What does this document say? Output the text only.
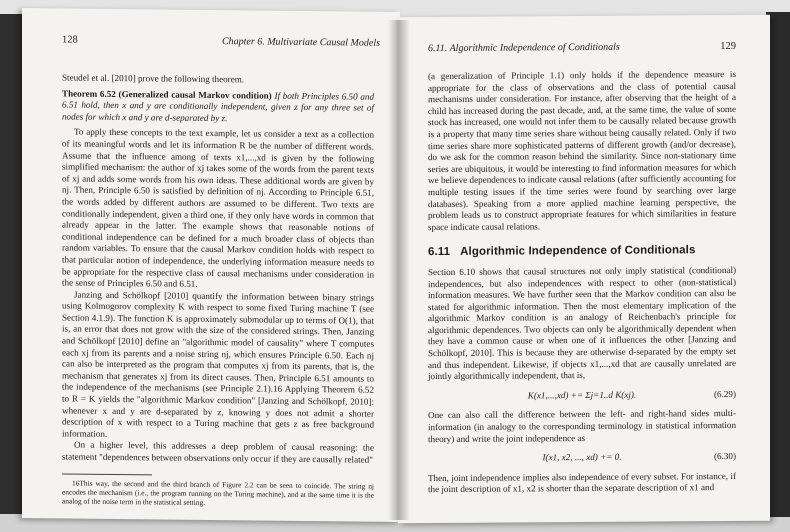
128	Chapter 6. Multivariate Causal Models

Steudel et al. [2010] prove the following theorem.

Theorem 6.52 (Generalized causal Markov condition) If both Principles 6.50 and 6.51 hold, then x and y are conditionally independent, given z for any three set of nodes for which x and y are d-separated by z.

To apply these concepts to the text example, let us consider a text as a collection of its meaningful words and let its information R be the number of different words. Assume that the influence among of texts x1,...,xd is given by the following simplified mechanism: the author of xj takes some of the words from the parent texts of xj and adds some words from his own ideas. These additional words are given by nj. Then, Principle 6.50 is satisfied by definition of nj. According to Principle 6.51, the words added by different authors are assumed to be different. Two texts are conditionally independent, given a third one, if they only have words in common that already appear in the latter. The example shows that reasonable notions of conditional independence can be defined for a much broader class of objects than random variables. To ensure that the causal Markov condition holds with respect to that particular notion of independence, the underlying information measure needs to be appropriate for the respective class of causal mechanisms under consideration in the sense of Principles 6.50 and 6.51.

Janzing and Schölkopf [2010] quantify the information between binary strings using Kolmogorov complexity K with respect to some fixed Turing machine T (see Section 4.1.9). The function K is approximately submodular up to terms of O(1), that is, an error that does not grow with the size of the considered strings. Then, Janzing and Schölkopf [2010] define an "algorithmic model of causality" where T computes each xj from its parents and a noise string nj, which ensures Principle 6.50. Each nj can also be interpreted as the program that computes xj from its parents, that is, the mechanism that generates xj from its direct causes. Then, Principle 6.51 amounts to the independence of the mechanisms (see Principle 2.1).16 Applying Theorem 6.52 to R = K yields the "algorithmic Markov condition" [Janzing and Schölkopf, 2010]: whenever x and y are d-separated by z, knowing y does not admit a shorter description of x with respect to a Turing machine that gets z as free background information.

On a higher level, this addresses a deep problem of causal reasoning: the statement "dependences between observations only occur if they are causally related"

16This way, the second and the third branch of Figure 2.2 can be seen to coincide. The string nj encodes the mechanism (i.e., the program running on the Turing machine), and at the same time it is the analog of the noise term in the statistical setting.

6.11. Algorithmic Independence of Conditionals	129

(a generalization of Principle 1.1) only holds if the dependence measure is appropriate for the class of observations and the class of potential causal mechanisms under consideration. For instance, after observing that the height of a child has increased during the past decade, and, at the same time, the value of some stock has increased, one would not infer them to be causally related because growth is a property that many time series share without being causally related. Only if two time series share more sophisticated patterns of different growth (and/or decrease), do we ask for the common reason behind the similarity. Since non-stationary time series are ubiquitous, it would be interesting to find information measures for which we believe dependences to indicate causal relations (after sufficiently accounting for multiple testing issues if the time series were found by searching over large databases). Speaking from a more applied machine learning perspective, the problem leads us to construct appropriate features for which similarities in feature space indicate causal relations.

6.11 Algorithmic Independence of Conditionals

Section 6.10 shows that causal structures not only imply statistical (conditional) independences, but also independences with respect to other (non-statistical) information measures. We have further seen that the Markov condition can also be stated for algorithmic information. Then the most elementary implication of the algorithmic Markov condition is an analogy of Reichenbach's principle for algorithmic dependences. Two objects can only be algorithmically dependent when they have a common cause or when one of it influences the other [Janzing and Schölkopf, 2010]. This is because they are otherwise d-separated by the empty set and thus independent. Likewise, if objects x1,...,xd that are causally unrelated are jointly algorithmically independent, that is,

K(x1,...,xd) += Σj=1..d K(xj).	(6.29)

One can also call the difference between the left- and right-hand sides multi-information (in analogy to the corresponding terminology in statistical information theory) and write the joint independence as

I(x1, x2, ..., xd) += 0.	(6.30)

Then, joint independence implies also independence of every subset. For instance, if the joint description of x1, x2 is shorter than the separate description of x1 and
